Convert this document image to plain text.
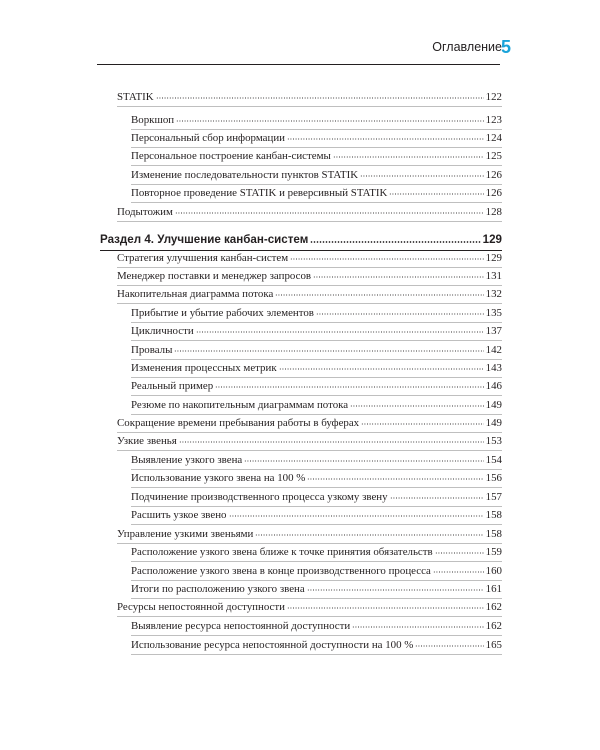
Оглавление
5
STATIK	122
Воркшоп	123
Персональный сбор информации	124
Персональное построение канбан-системы	125
Изменение последовательности пунктов STATIK	126
Повторное проведение STATIK и реверсивный STATIK	126
Подытожим	128
Раздел 4. Улучшение канбан-систем	129
Стратегия улучшения канбан-систем	129
Менеджер поставки и менеджер запросов	131
Накопительная диаграмма потока	132
Прибытие и убытие рабочих элементов	135
Цикличности	137
Провалы	142
Изменения процессных метрик	143
Реальный пример	146
Резюме по накопительным диаграммам потока	149
Сокращение времени пребывания работы в буферах	149
Узкие звенья	153
Выявление узкого звена	154
Использование узкого звена на 100 %	156
Подчинение производственного процесса узкому звену	157
Расшить узкое звено	158
Управление узкими звеньями	158
Расположение узкого звена ближе к точке принятия обязательств	159
Расположение узкого звена в конце производственного процесса	160
Итоги по расположению узкого звена	161
Ресурсы непостоянной доступности	162
Выявление ресурса непостоянной доступности	162
Использование ресурса непостоянной доступности на 100 %	165
